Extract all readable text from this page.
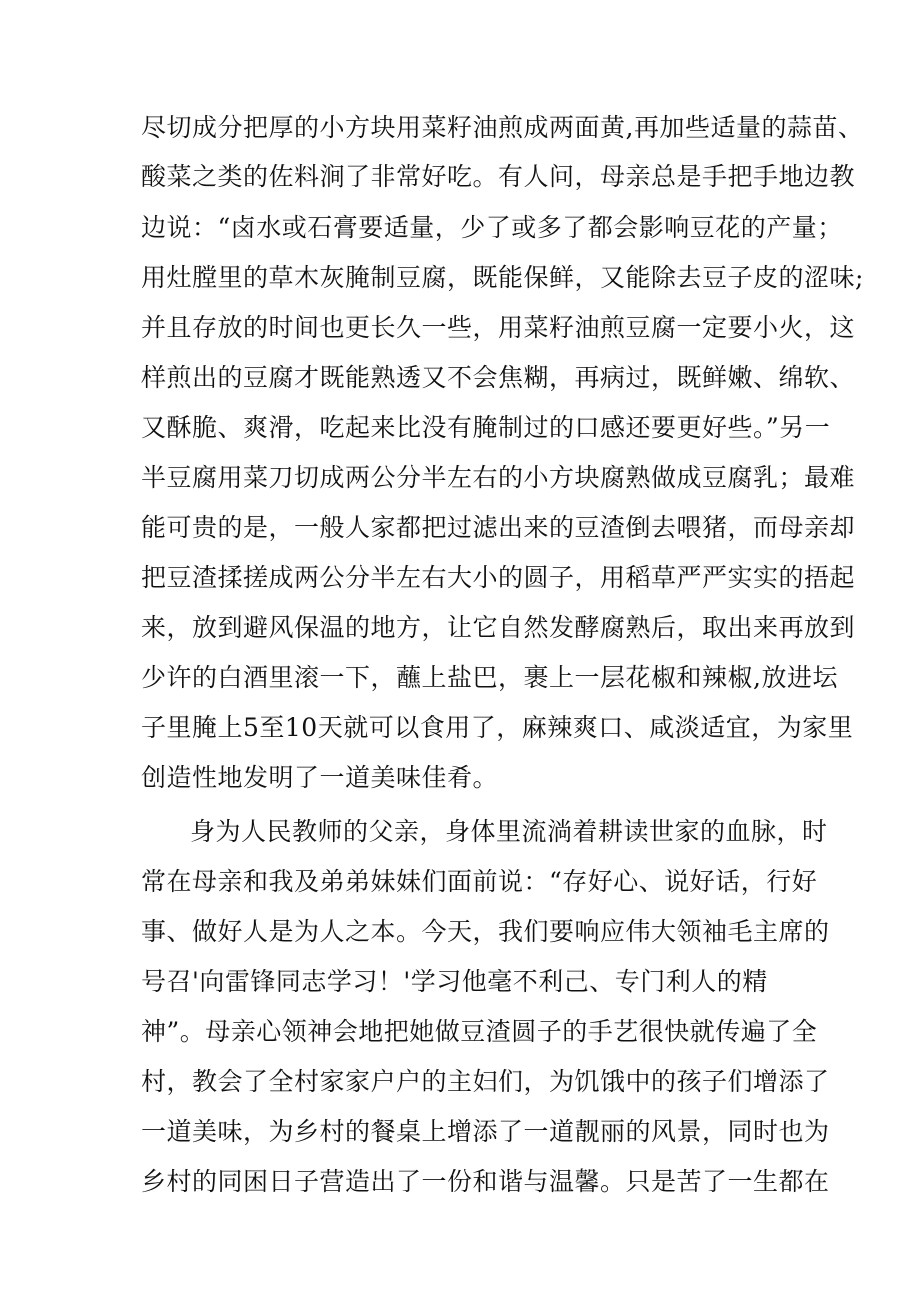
尽切成分把厚的小方块用菜籽油煎成两面黄,再加些适量的蒜苗、
酸菜之类的佐料涧了非常好吃。有人问，母亲总是手把手地边教
边说：“卤水或石膏要适量，少了或多了都会影响豆花的产量；
用灶膛里的草木灰腌制豆腐，既能保鲜，又能除去豆子皮的涩味;
并且存放的时间也更长久一些，用菜籽油煎豆腐一定要小火，这
样煎出的豆腐才既能熟透又不会焦糊，再病过，既鲜嫩、绵软、
又酥脆、爽滑，吃起来比没有腌制过的口感还要更好些。”另一
半豆腐用菜刀切成两公分半左右的小方块腐熟做成豆腐乳；最难
能可贵的是，一般人家都把过滤出来的豆渣倒去喂猪，而母亲却
把豆渣揉搓成两公分半左右大小的圆子，用稻草严严实实的捂起
来，放到避风保温的地方，让它自然发酵腐熟后，取出来再放到
少许的白酒里滚一下，蘸上盐巴，裹上一层花椒和辣椒,放进坛
子里腌上5至10天就可以食用了，麻辣爽口、咸淡适宜，为家里
创造性地发明了一道美味佳肴。
身为人民教师的父亲，身体里流淌着耕读世家的血脉，时
常在母亲和我及弟弟妹妹们面前说：“存好心、说好话，行好
事、做好人是为人之本。今天，我们要响应伟大领袖毛主席的
号召'向雷锋同志学习！'学习他毫不利己、专门利人的精
神”。母亲心领神会地把她做豆渣圆子的手艺很快就传遍了全
村，教会了全村家家户户的主妇们，为饥饿中的孩子们增添了
一道美味，为乡村的餐桌上增添了一道靓丽的风景，同时也为
乡村的同困日子营造出了一份和谐与温馨。只是苦了一生都在
